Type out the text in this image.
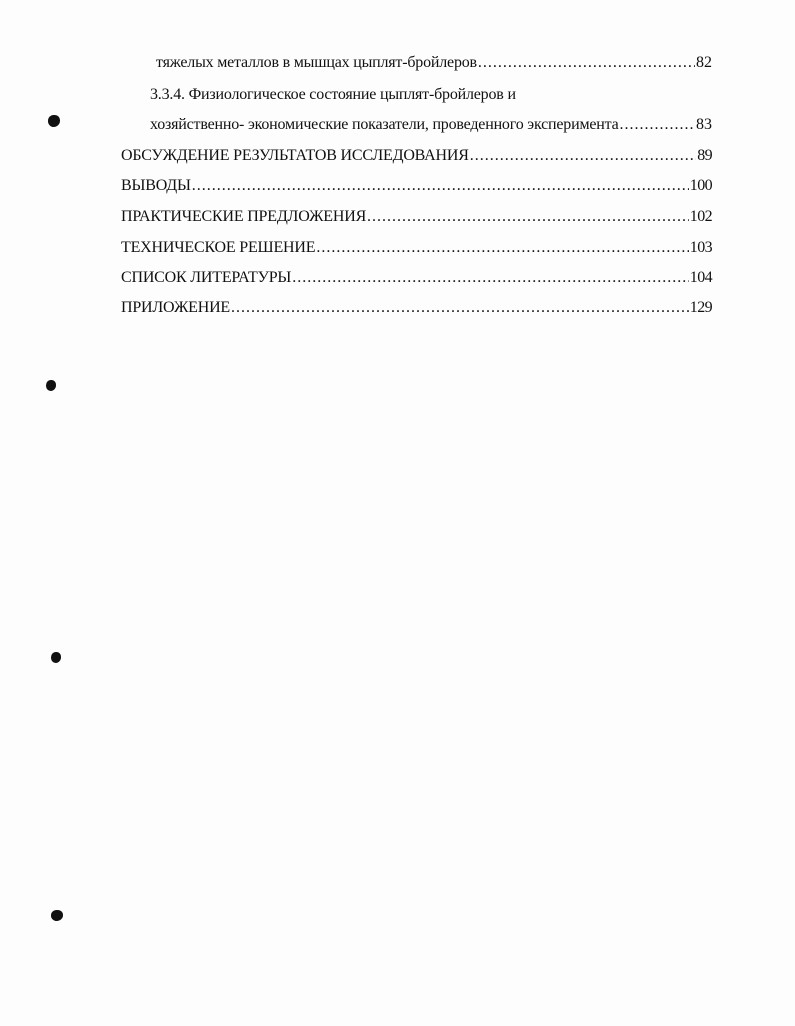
тяжелых металлов в мышцах цыплят-бройлеров .....	82
3.3.4. Физиологическое состояние цыплят-бройлеров и
хозяйственно- экономические показатели, проведенного эксперимента .....	83
ОБСУЖДЕНИЕ РЕЗУЛЬТАТОВ ИССЛЕДОВАНИЯ .....	89
ВЫВОДЫ .....	100
ПРАКТИЧЕСКИЕ ПРЕДЛОЖЕНИЯ .....	102
ТЕХНИЧЕСКОЕ РЕШЕНИЕ .....	103
СПИСОК ЛИТЕРАТУРЫ .....	104
ПРИЛОЖЕНИЕ .....	129
